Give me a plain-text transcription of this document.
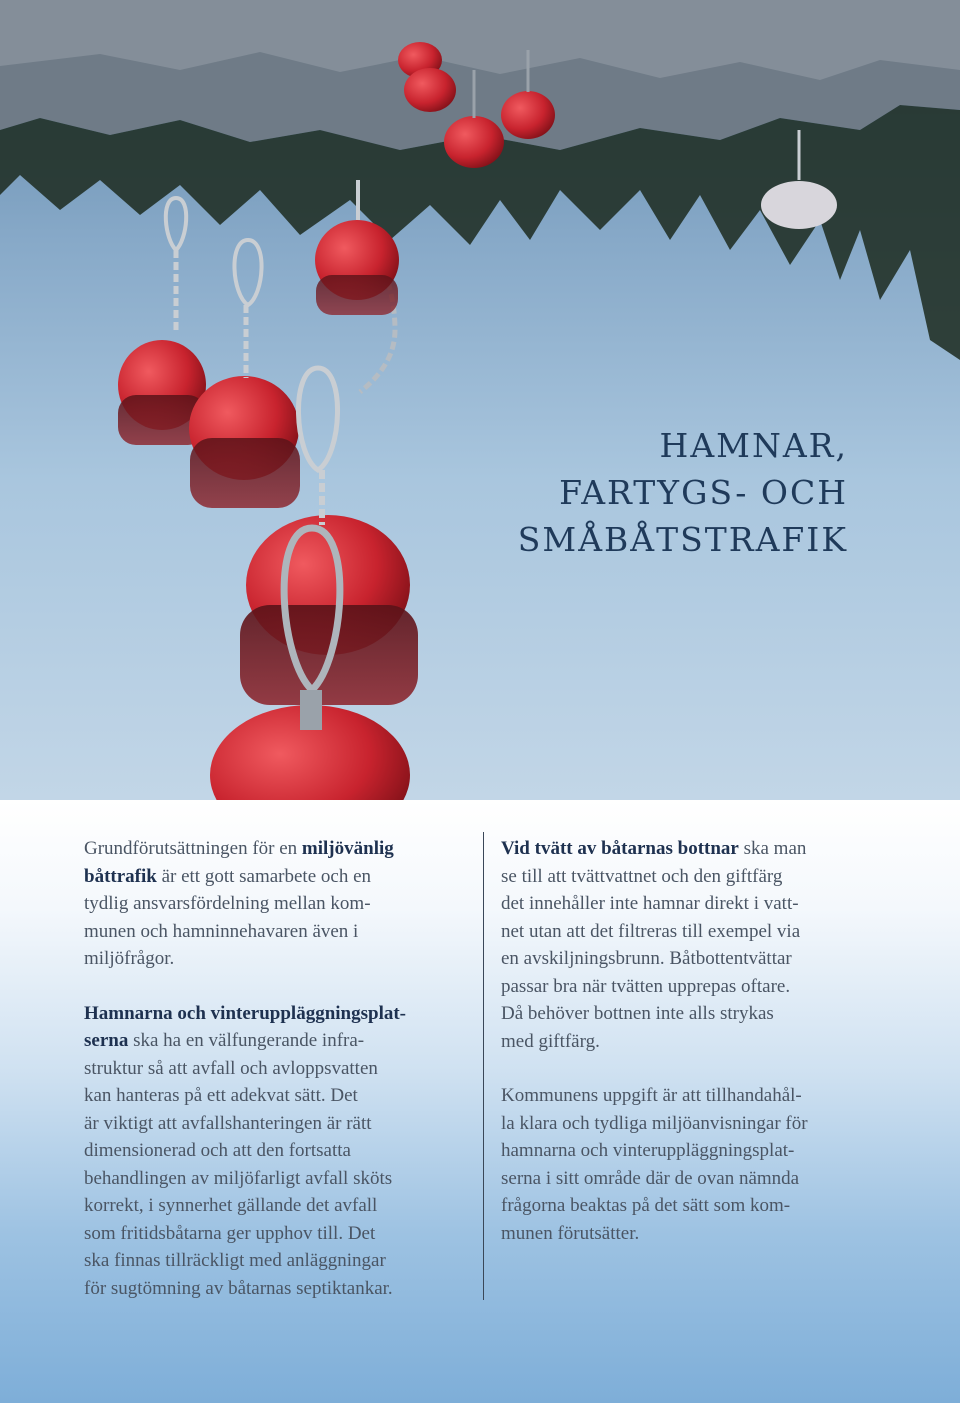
HAMNAR,
FARTYGS- OCH
SMÅBÅTSTRAFIK

Grundförutsättningen för en miljövänlig
båttrafik är ett gott samarbete och en
tydlig ansvarsfördelning mellan kom-
munen och hamninnehavaren även i
miljöfrågor.

Hamnarna och vinteruppläggningsplat-
serna ska ha en välfungerande infra-
struktur så att avfall och avloppsvatten
kan hanteras på ett adekvat sätt. Det
är viktigt att avfallshanteringen är rätt
dimensionerad och att den fortsatta
behandlingen av miljöfarligt avfall sköts
korrekt, i synnerhet gällande det avfall
som fritidsbåtarna ger upphov till. Det
ska finnas tillräckligt med anläggningar
för sugtömning av båtarnas septiktankar.

Vid tvätt av båtarnas bottnar ska man
se till att tvättvattnet och den giftfärg
det innehåller inte hamnar direkt i vatt-
net utan att det filtreras till exempel via
en avskiljningsbrunn. Båtbottentvättar
passar bra när tvätten upprepas oftare.
Då behöver bottnen inte alls strykas
med giftfärg.

Kommunens uppgift är att tillhandahål-
la klara och tydliga miljöanvisningar för
hamnarna och vinteruppläggningsplat-
serna i sitt område där de ovan nämnda
frågorna beaktas på det sätt som kom-
munen förutsätter.
